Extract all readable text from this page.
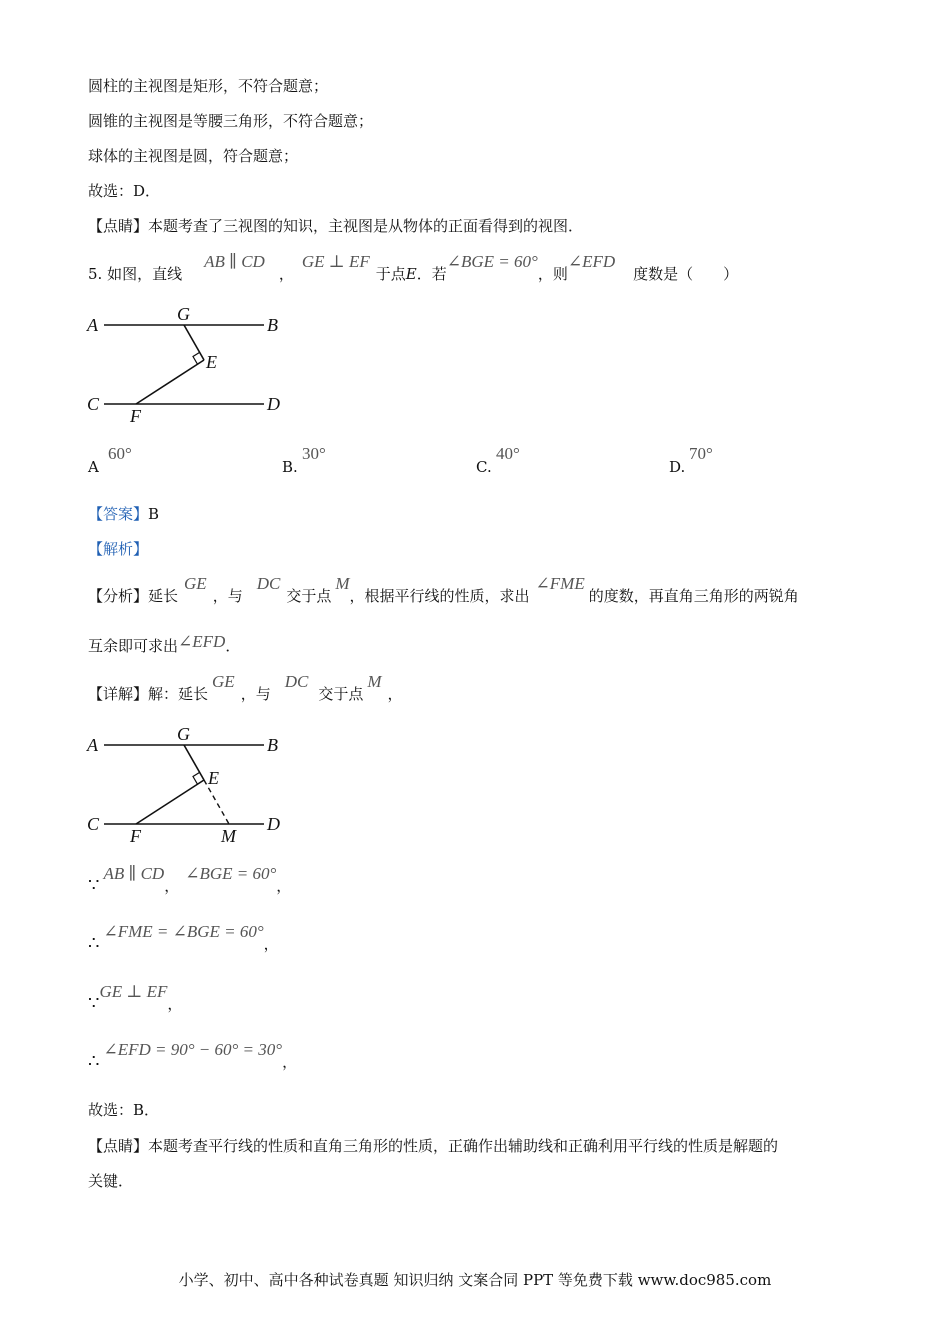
圆柱的主视图是矩形，不符合题意；
圆锥的主视图是等腰三角形，不符合题意；
球体的主视图是圆，符合题意；
故选：D．
【点睛】本题考查了三视图的知识，主视图是从物体的正面看得到的视图．
5. 如图，直线AB ∥ CD，GE ⊥ EF于点E．若∠BGE = 60°，则∠EFD度数是（　　）
A
G
B
E
C
F
D
A
60°
B.
30°
C.
40°
D.
70°
【答案】B
【解析】
【分析】延长GE，与DC交于点M，根据平行线的性质，求出∠FME的度数，再直角三角形的两锐角
互余即可求出∠EFD．
【详解】解：延长GE，与DC交于点M，
A
G
B
E
C
F	M
D
∵AB ∥ CD，∠BGE = 60°，
∴∠FME = ∠BGE = 60°，
∵GE ⊥ EF，
∴∠EFD = 90° − 60° = 30°，
故选：B．
【点睛】本题考查平行线的性质和直角三角形的性质，正确作出辅助线和正确利用平行线的性质是解题的
关键．
小学、初中、高中各种试卷真题 知识归纳 文案合同 PPT 等免费下载 www.doc985.com
